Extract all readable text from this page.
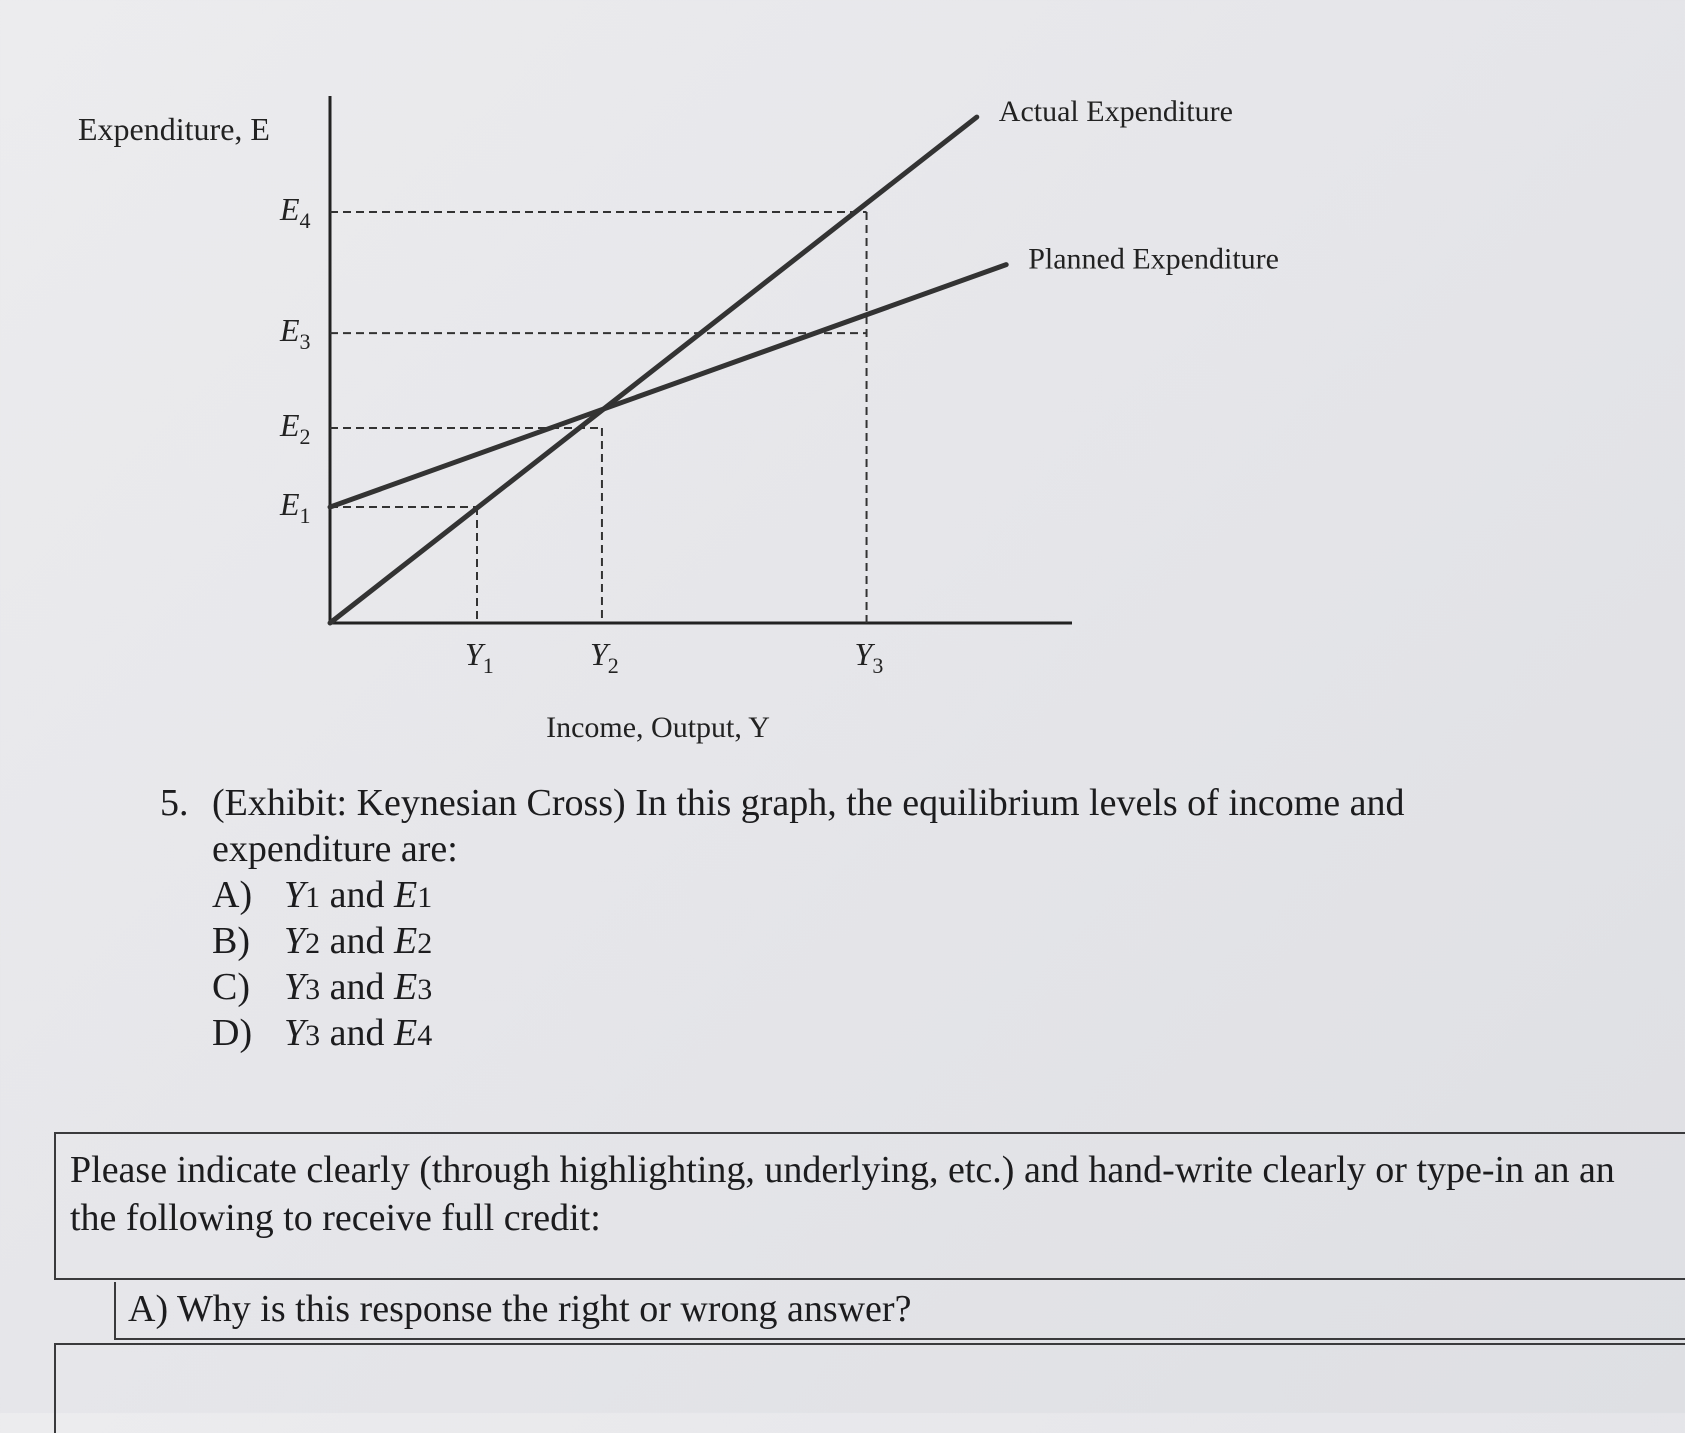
Expenditure, E
Income, Output, Y
Actual Expenditure
Planned Expenditure
$E_1$
$E_2$
$E_3$
$E_4$
$Y_1$	$Y_2$	$Y_3$
5. (Exhibit: Keynesian Cross) In this graph, the equilibrium levels of income and expenditure are:
A) Y1 and E1
B) Y2 and E2
C) Y3 and E3
D) Y3 and E4
Please indicate clearly (through highlighting, underlying, etc.) and hand-write clearly or type-in an an
the following to receive full credit:
A) Why is this response the right or wrong answer?
